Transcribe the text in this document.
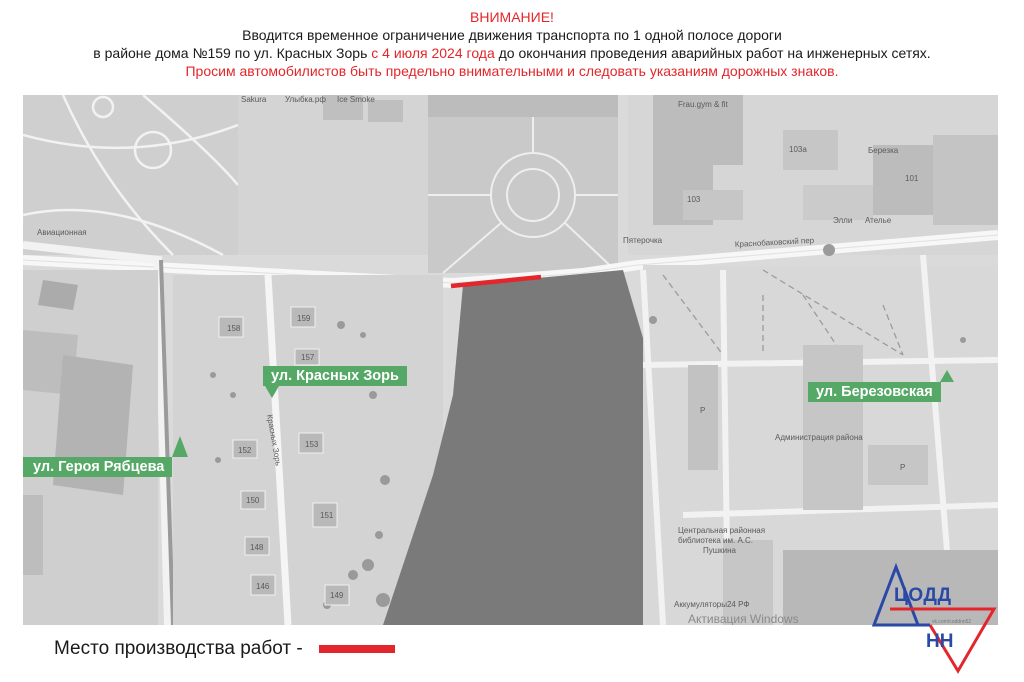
ВНИМАНИЕ!
Вводится временное ограничение движения транспорта по 1 одной полосе дороги
в районе дома №159 по ул. Красных Зорь с 4 июля 2024 года до окончания проведения аварийных работ на инженерных сетях.
Просим автомобилистов быть предельно внимательными и следовать указаниям дорожных знаков.
Sakura Улыбка.рф Ice Smoke
Авиационная
Frau.gym & fit
103а	Березка
101
103
Элли Ателье
Пятерочка	Краснобаковский пер
158
159
157
153
152
150
151
148
146
149
Красных Зорь	Администрация района
Центральная районная
библиотека им. А.С.
Пушкина
Аккумуляторы24 РФ
P
P
Активация Windows
ул. Красных Зорь
ул. Березовская
ул. Героя Рябцева
Место производства работ -
ЦОДД
vk.com/coddnn52
НН
